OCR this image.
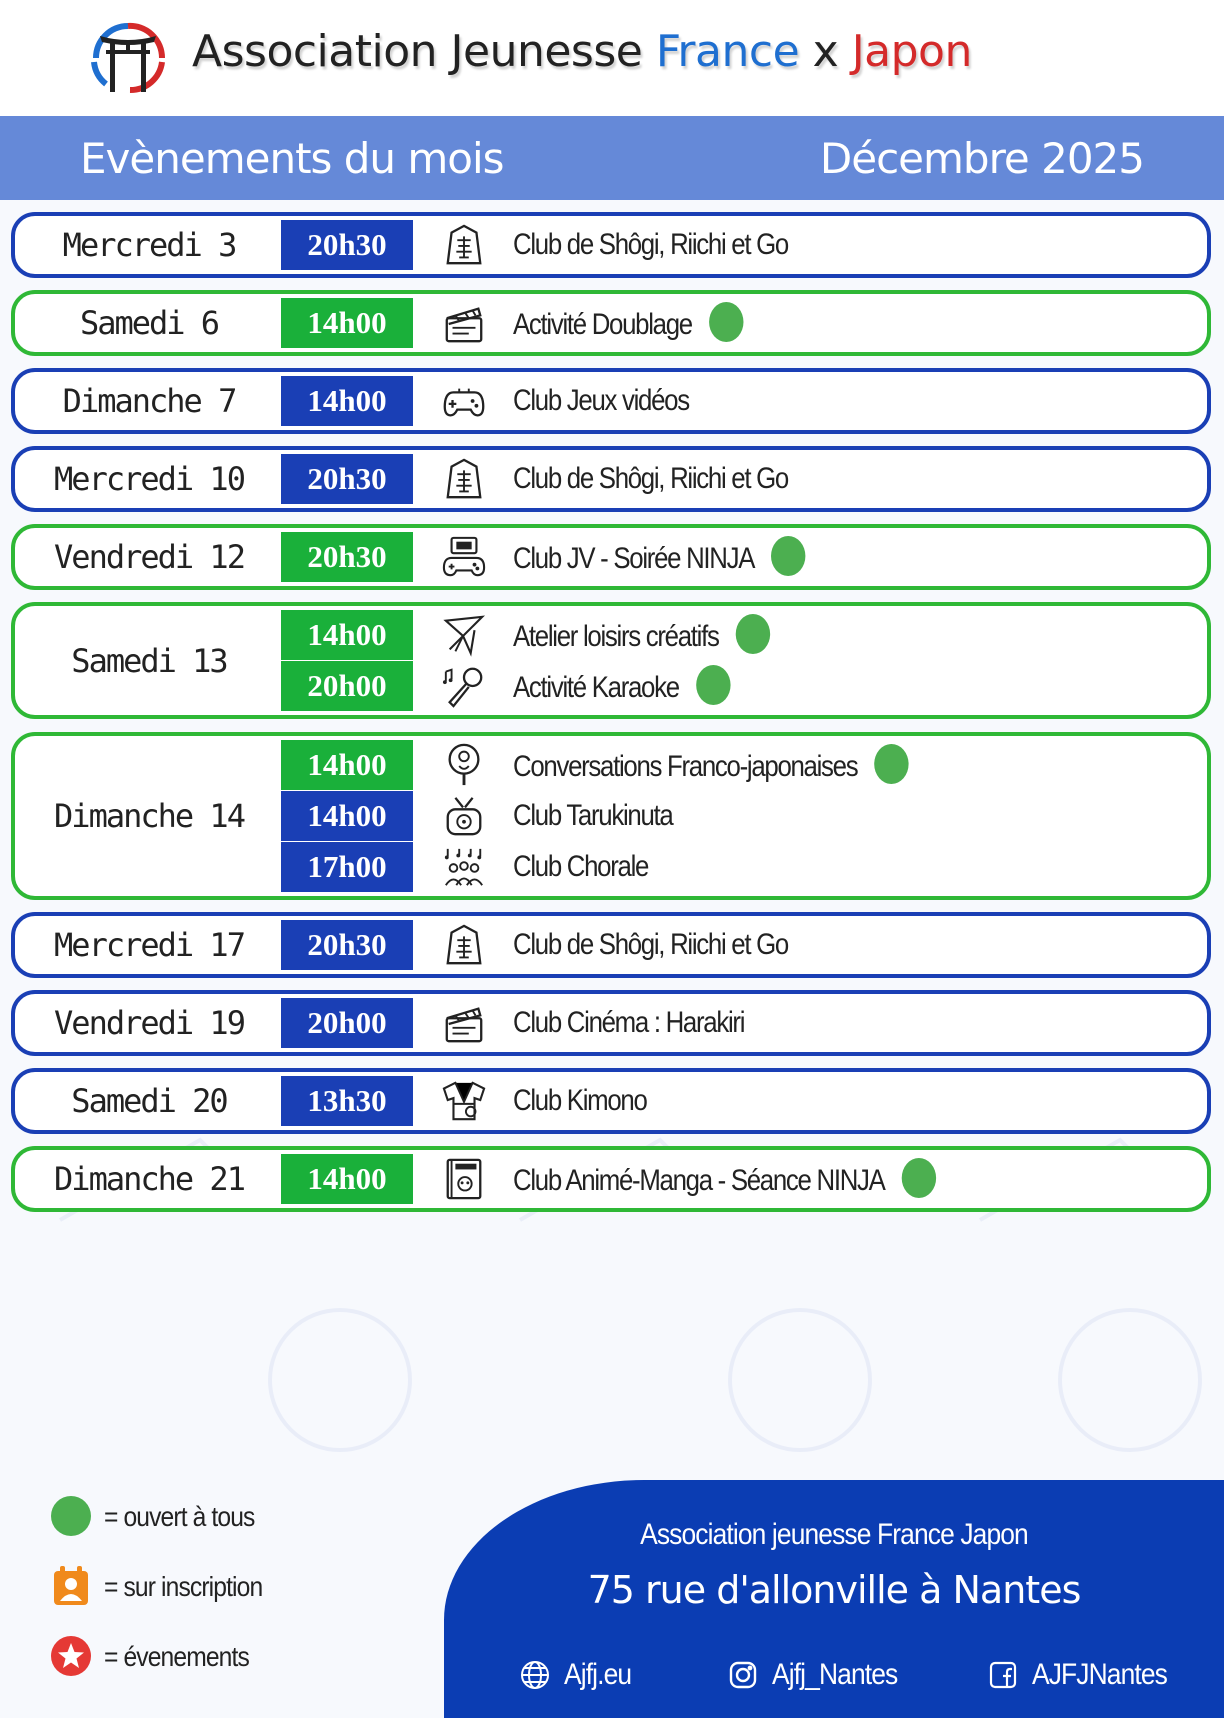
Association Jeunesse France x Japon
Evènements du mois	Décembre 2025
Mercredi 3	20h30	Club de Shôgi, Riichi et Go
Samedi 6	14h00	Activité Doublage
Dimanche 7	14h00	Club Jeux vidéos
Mercredi 10	20h30	Club de Shôgi, Riichi et Go
Vendredi 12	20h30	Club JV - Soirée NINJA
Samedi 13
14h00	Atelier loisirs créatifs
20h00	Activité Karaoke
Dimanche 14
14h00	Conversations Franco-japonaises
14h00	Club Tarukinuta
17h00	Club Chorale
Mercredi 17	20h30	Club de Shôgi, Riichi et Go
Vendredi 19	20h00	Club Cinéma : Harakiri
Samedi 20	13h30	Club Kimono
Dimanche 21	14h00	Club Animé-Manga - Séance NINJA
= ouvert à tous
= sur inscription
= évenements
Association jeunesse France Japon
75 rue d'allonville à Nantes
Ajfj.eu	Ajfj_Nantes	AJFJNantes
